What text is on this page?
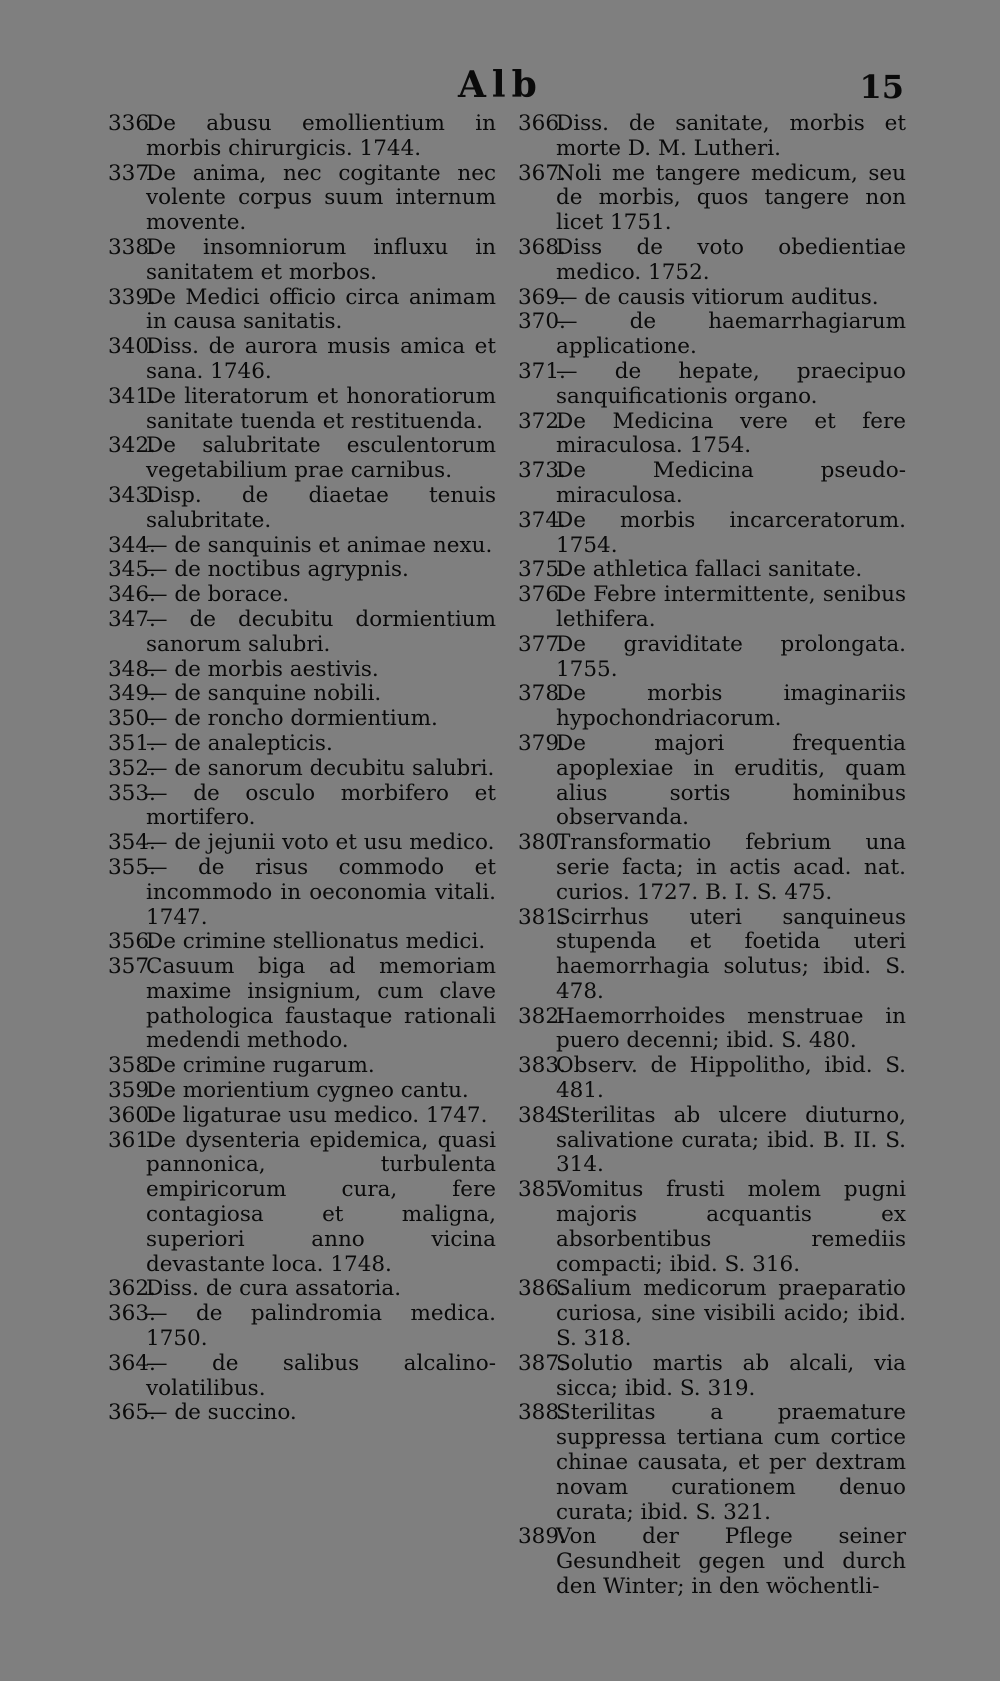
Alb	15

336.De abusu emollientium in morbis chirurgicis. 1744.

337.De anima, nec cogitante nec volente corpus suum internum movente.

338.De insomniorum influxu in sanitatem et morbos.

339.De Medici officio circa animam in causa sanitatis.

340.Diss. de aurora musis amica et sana. 1746.

341.De literatorum et honoratiorum sanitate tuenda et restituenda.

342.De salubritate esculentorum vegetabilium prae carnibus.

343.Disp. de diaetae tenuis salubritate.

344.— de sanquinis et animae nexu.

345.— de noctibus agrypnis.

346.— de borace.

347.— de decubitu dormientium sanorum salubri.

348.— de morbis aestivis.

349.— de sanquine nobili.

350.— de roncho dormientium.

351.— de analepticis.

352.— de sanorum decubitu salubri.

353.— de osculo morbifero et mortifero.

354.— de jejunii voto et usu medico.

355.— de risus commodo et incommodo in oeconomia vitali. 1747.

356.De crimine stellionatus medici.

357.Casuum biga ad memoriam maxime insignium, cum clave pathologica faustaque rationali medendi methodo.

358.De crimine rugarum.

359.De morientium cygneo cantu.

360.De ligaturae usu medico. 1747.

361.De dysenteria epidemica, quasi pannonica, turbulenta empiricorum cura, fere contagiosa et maligna, superiori anno vicina devastante loca. 1748.

362.Diss. de cura assatoria.

363.— de palindromia medica. 1750.

364.— de salibus alcalino-volatilibus.

365.— de succino.

366.Diss. de sanitate, morbis et morte D. M. Lutheri.

367.Noli me tangere medicum, seu de morbis, quos tangere non licet 1751.

368.Diss de voto obedientiae medico. 1752.

369.— de causis vitiorum auditus.

370.— de haemarrhagiarum applicatione.

371.— de hepate, praecipuo sanquificationis organo.

372.De Medicina vere et fere miraculosa. 1754.

373.De Medicina pseudo-miraculosa.

374.De morbis incarceratorum. 1754.

375.De athletica fallaci sanitate.

376.De Febre intermittente, senibus lethifera.

377.De graviditate prolongata. 1755.

378.De morbis imaginariis hypochondriacorum.

379.De majori frequentia apoplexiae in eruditis, quam alius sortis hominibus observanda.

380.Transformatio febrium una serie facta; in actis acad. nat. curios. 1727. B. I. S. 475.

381.Scirrhus uteri sanquineus stupenda et foetida uteri haemorrhagia solutus; ibid. S. 478.

382.Haemorrhoides menstruae in puero decenni; ibid. S. 480.

383.Observ. de Hippolitho, ibid. S. 481.

384.Sterilitas ab ulcere diuturno, salivatione curata; ibid. B. II. S. 314.

385.Vomitus frusti molem pugni majoris acquantis ex absorbentibus remediis compacti; ibid. S. 316.

386.Salium medicorum praeparatio curiosa, sine visibili acido; ibid. S. 318.

387.Solutio martis ab alcali, via sicca; ibid. S. 319.

388.Sterilitas a praemature suppressa tertiana cum cortice chinae causata, et per dextram novam curationem denuo curata; ibid. S. 321.

389.Von der Pflege seiner Gesundheit gegen und durch den Winter; in den wöchentli-
